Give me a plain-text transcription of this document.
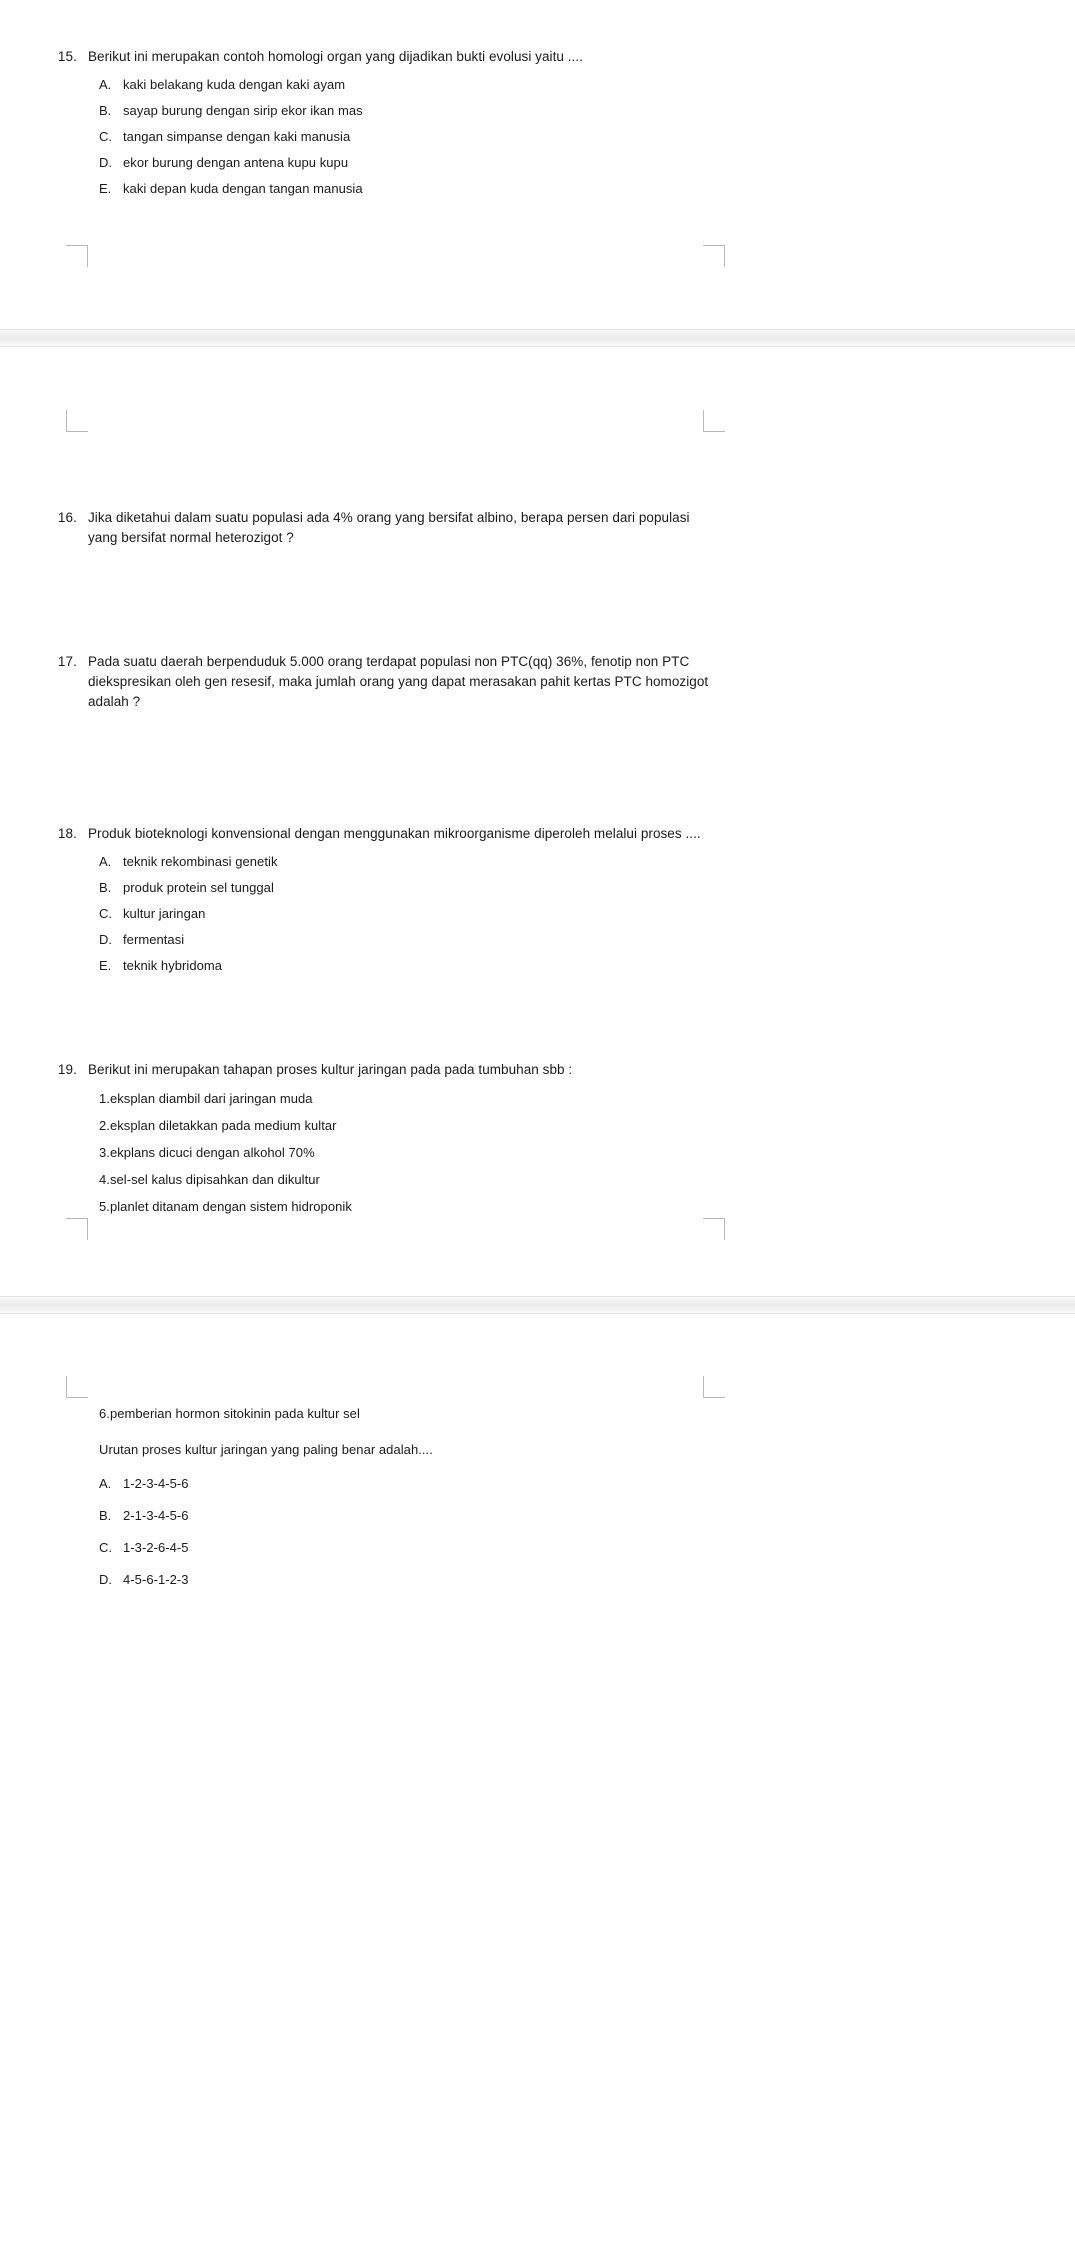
15. Berikut ini merupakan contoh homologi organ yang dijadikan bukti evolusi yaitu ....
A. kaki belakang kuda dengan kaki ayam
B. sayap burung dengan sirip ekor ikan mas
C. tangan simpanse dengan kaki manusia
D. ekor burung dengan antena kupu kupu
E. kaki depan kuda dengan tangan manusia
16. Jika diketahui dalam suatu populasi ada 4% orang yang bersifat albino, berapa persen dari populasi yang bersifat normal heterozigot ?
17. Pada suatu daerah berpenduduk 5.000 orang terdapat populasi non PTC(qq) 36%, fenotip non PTC diekspresikan oleh gen resesif, maka jumlah orang yang dapat merasakan pahit kertas PTC homozigot adalah ?
18. Produk bioteknologi konvensional dengan menggunakan mikroorganisme diperoleh melalui proses ....
A. teknik rekombinasi genetik
B. produk protein sel tunggal
C. kultur jaringan
D. fermentasi
E. teknik hybridoma
19. Berikut ini merupakan tahapan proses kultur jaringan pada pada tumbuhan sbb :
1.eksplan diambil dari jaringan muda
2.eksplan diletakkan pada medium kultar
3.ekplans dicuci dengan alkohol 70%
4.sel-sel kalus dipisahkan dan dikultur
5.planlet ditanam dengan sistem hidroponik
6.pemberian hormon sitokinin pada kultur sel
Urutan proses kultur jaringan yang paling benar adalah....
A. 1-2-3-4-5-6
B. 2-1-3-4-5-6
C. 1-3-2-6-4-5
D. 4-5-6-1-2-3
